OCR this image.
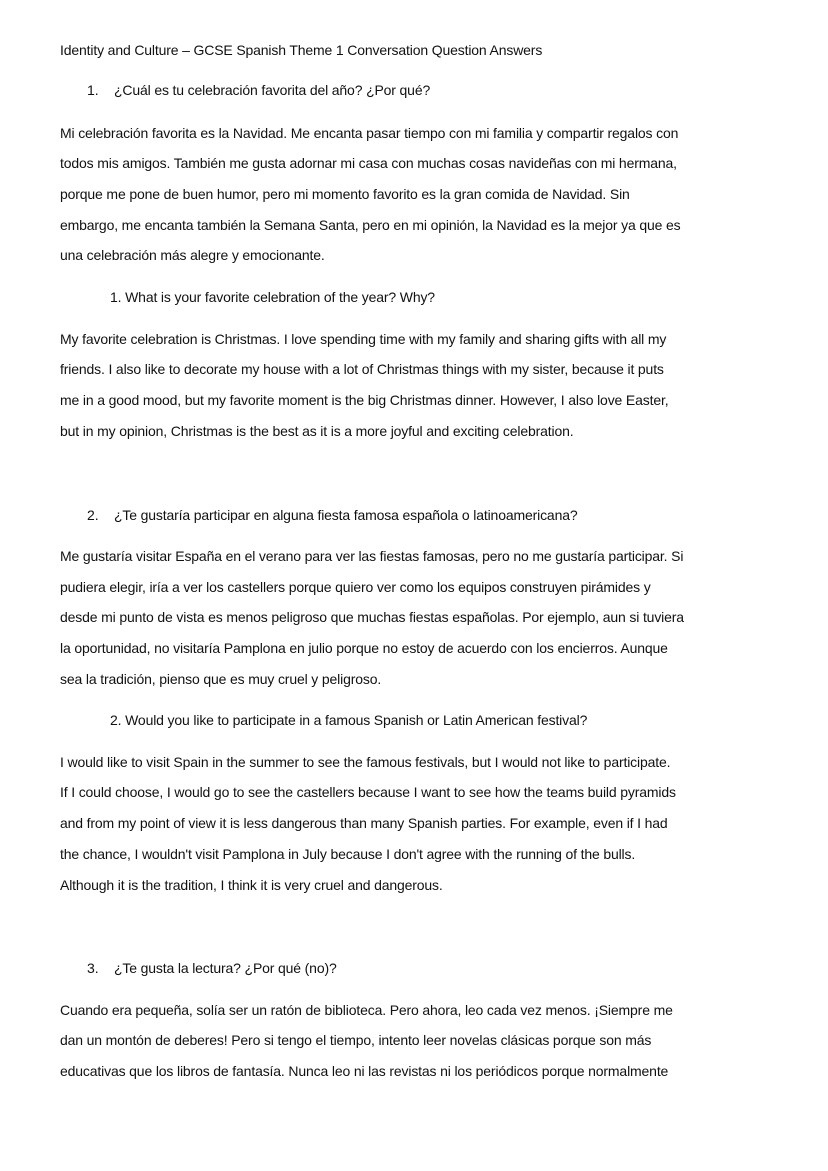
Identity and Culture – GCSE Spanish Theme 1 Conversation Question Answers
1. ¿Cuál es tu celebración favorita del año? ¿Por qué?
Mi celebración favorita es la Navidad. Me encanta pasar tiempo con mi familia y compartir regalos con
todos mis amigos. También me gusta adornar mi casa con muchas cosas navideñas con mi hermana,
porque me pone de buen humor, pero mi momento favorito es la gran comida de Navidad. Sin
embargo, me encanta también la Semana Santa, pero en mi opinión, la Navidad es la mejor ya que es
una celebración más alegre y emocionante.
1. What is your favorite celebration of the year? Why?
My favorite celebration is Christmas. I love spending time with my family and sharing gifts with all my
friends. I also like to decorate my house with a lot of Christmas things with my sister, because it puts
me in a good mood, but my favorite moment is the big Christmas dinner. However, I also love Easter,
but in my opinion, Christmas is the best as it is a more joyful and exciting celebration.
2. ¿Te gustaría participar en alguna fiesta famosa española o latinoamericana?
Me gustaría visitar España en el verano para ver las fiestas famosas, pero no me gustaría participar. Si
pudiera elegir, iría a ver los castellers porque quiero ver como los equipos construyen pirámides y
desde mi punto de vista es menos peligroso que muchas fiestas españolas. Por ejemplo, aun si tuviera
la oportunidad, no visitaría Pamplona en julio porque no estoy de acuerdo con los encierros. Aunque
sea la tradición, pienso que es muy cruel y peligroso.
2. Would you like to participate in a famous Spanish or Latin American festival?
I would like to visit Spain in the summer to see the famous festivals, but I would not like to participate.
If I could choose, I would go to see the castellers because I want to see how the teams build pyramids
and from my point of view it is less dangerous than many Spanish parties. For example, even if I had
the chance, I wouldn't visit Pamplona in July because I don't agree with the running of the bulls.
Although it is the tradition, I think it is very cruel and dangerous.
3. ¿Te gusta la lectura? ¿Por qué (no)?
Cuando era pequeña, solía ser un ratón de biblioteca. Pero ahora, leo cada vez menos. ¡Siempre me
dan un montón de deberes! Pero si tengo el tiempo, intento leer novelas clásicas porque son más
educativas que los libros de fantasía. Nunca leo ni las revistas ni los periódicos porque normalmente
